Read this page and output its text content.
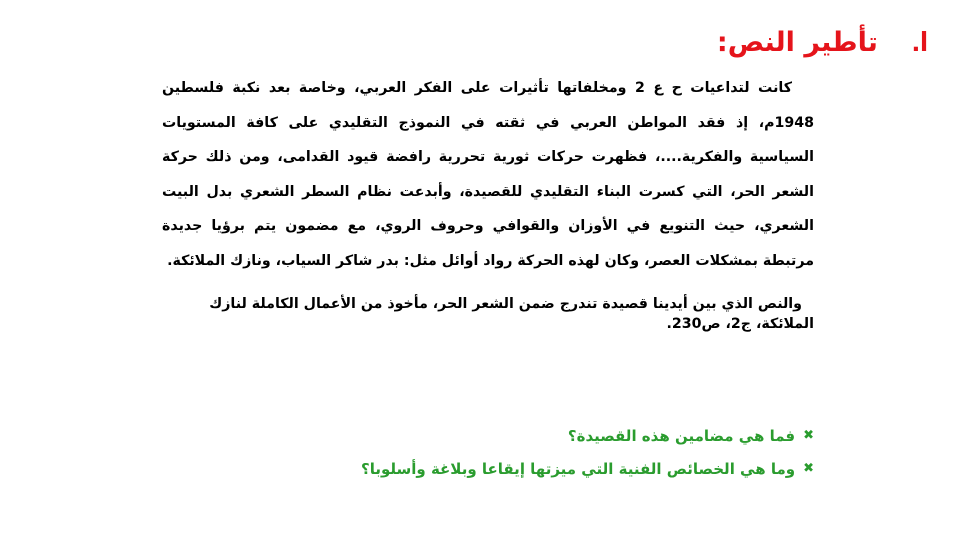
I.
تأطير النص:

كانت لتداعيات ح ع 2 ومخلفاتها تأثيرات على الفكر العربي، وخاصة بعد نكبة فلسطين 1948م، إذ فقد المواطن العربي في ثقته في النموذج التقليدي على كافة المستويات السياسية والفكرية....، فظهرت حركات ثورية تحررية رافضة قيود القدامى، ومن ذلك حركة الشعر الحر، التي كسرت البناء التقليدي للقصيدة، وأبدعت نظام السطر الشعري بدل البيت الشعري، حيث التنويع في الأوزان والقوافي وحروف الروي، مع مضمون يتم برؤيا جديدة مرتبطة بمشكلات العصر، وكان لهذه الحركة رواد أوائل مثل: بدر شاكر السياب، ونازك الملائكة.

والنص الذي بين أيدينا قصيدة تندرج ضمن الشعر الحر، مأخوذ من الأعمال الكاملة لنازك الملائكة، ج2، ص230.

✖
فما هي مضامين هذه القصيدة؟
✖
وما هي الخصائص الفنية التي ميزتها إيقاعا وبلاغة وأسلوبا؟
